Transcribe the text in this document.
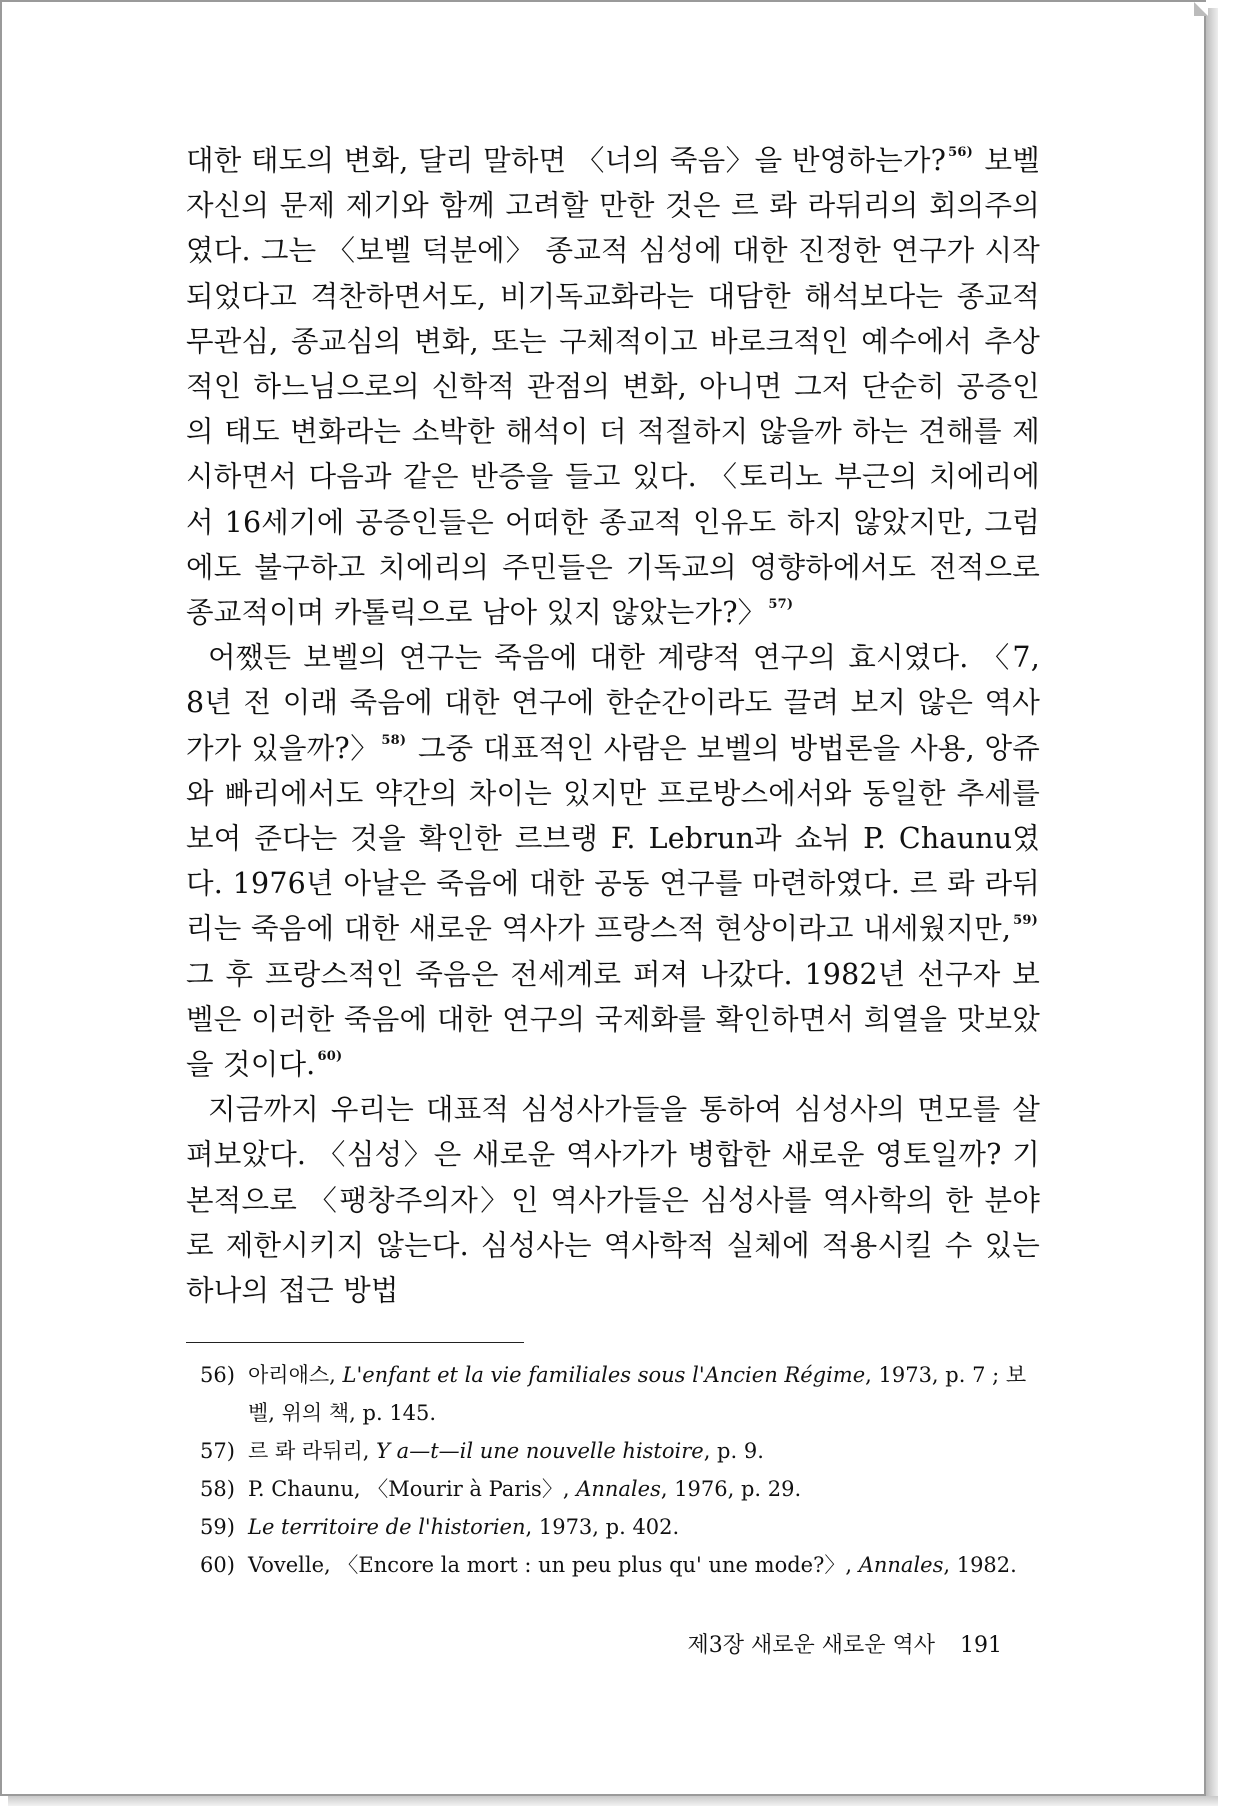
대한 태도의 변화, 달리 말하면 〈너의 죽음〉을 반영하는가? $^{56)}$ 보벨 자신의 문제 제기와 함께 고려할 만한 것은 르 롸 라뒤리의 회의주의였다. 그는 〈보벨 덕분에〉 종교적 심성에 대한 진정한 연구가 시작되었다고 격찬하면서도, 비기독교화라는 대담한 해석보다는 종교적 무관심, 종교심의 변화, 또는 구체적이고 바로크적인 예수에서 추상적인 하느님으로의 신학적 관점의 변화, 아니면 그저 단순히 공증인의 태도 변화라는 소박한 해석이 더 적절하지 않을까 하는 견해를 제시하면서 다음과 같은 반증을 들고 있다. 〈토리노 부근의 치에리에서 16세기에 공증인들은 어떠한 종교적 인유도 하지 않았지만, 그럼에도 불구하고 치에리의 주민들은 기독교의 영향하에서도 전적으로 종교적이며 카톨릭으로 남아 있지 않았는가?〉 $^{57)}$

어쨌든 보벨의 연구는 죽음에 대한 계량적 연구의 효시였다. 〈7, 8년 전 이래 죽음에 대한 연구에 한순간이라도 끌려 보지 않은 역사가가 있을까?〉 $^{58)}$ 그중 대표적인 사람은 보벨의 방법론을 사용, 앙쥬와 빠리에서도 약간의 차이는 있지만 프로방스에서와 동일한 추세를 보여 준다는 것을 확인한 르브랭 F. Lebrun과 쇼뉘 P. Chaunu였다. 1976년 아날은 죽음에 대한 공동 연구를 마련하였다. 르 롸 라뒤리는 죽음에 대한 새로운 역사가 프랑스적 현상이라고 내세웠지만, $^{59)}$ 그 후 프랑스적인 죽음은 전세계로 퍼져 나갔다. 1982년 선구자 보벨은 이러한 죽음에 대한 연구의 국제화를 확인하면서 희열을 맛보았을 것이다. $^{60)}$

지금까지 우리는 대표적 심성사가들을 통하여 심성사의 면모를 살펴보았다. 〈심성〉은 새로운 역사가가 병합한 새로운 영토일까? 기본적으로 〈팽창주의자〉인 역사가들은 심성사를 역사학의 한 분야로 제한시키지 않는다. 심성사는 역사학적 실체에 적용시킬 수 있는 하나의 접근 방법

56) 아리애스, L'enfant et la vie familiales sous l'Ancien Régime, 1973, p. 7 ; 보벨, 위의 책, p. 145.
57) 르 롸 라뒤리, Y a—t—il une nouvelle histoire, p. 9.
58) P. Chaunu, 〈Mourir à Paris〉, Annales, 1976, p. 29.
59) Le territoire de l'historien, 1973, p. 402.
60) Vovelle, 〈Encore la mort : un peu plus qu' une mode?〉, Annales, 1982.
제3장 새로운 새로운 역사 191
